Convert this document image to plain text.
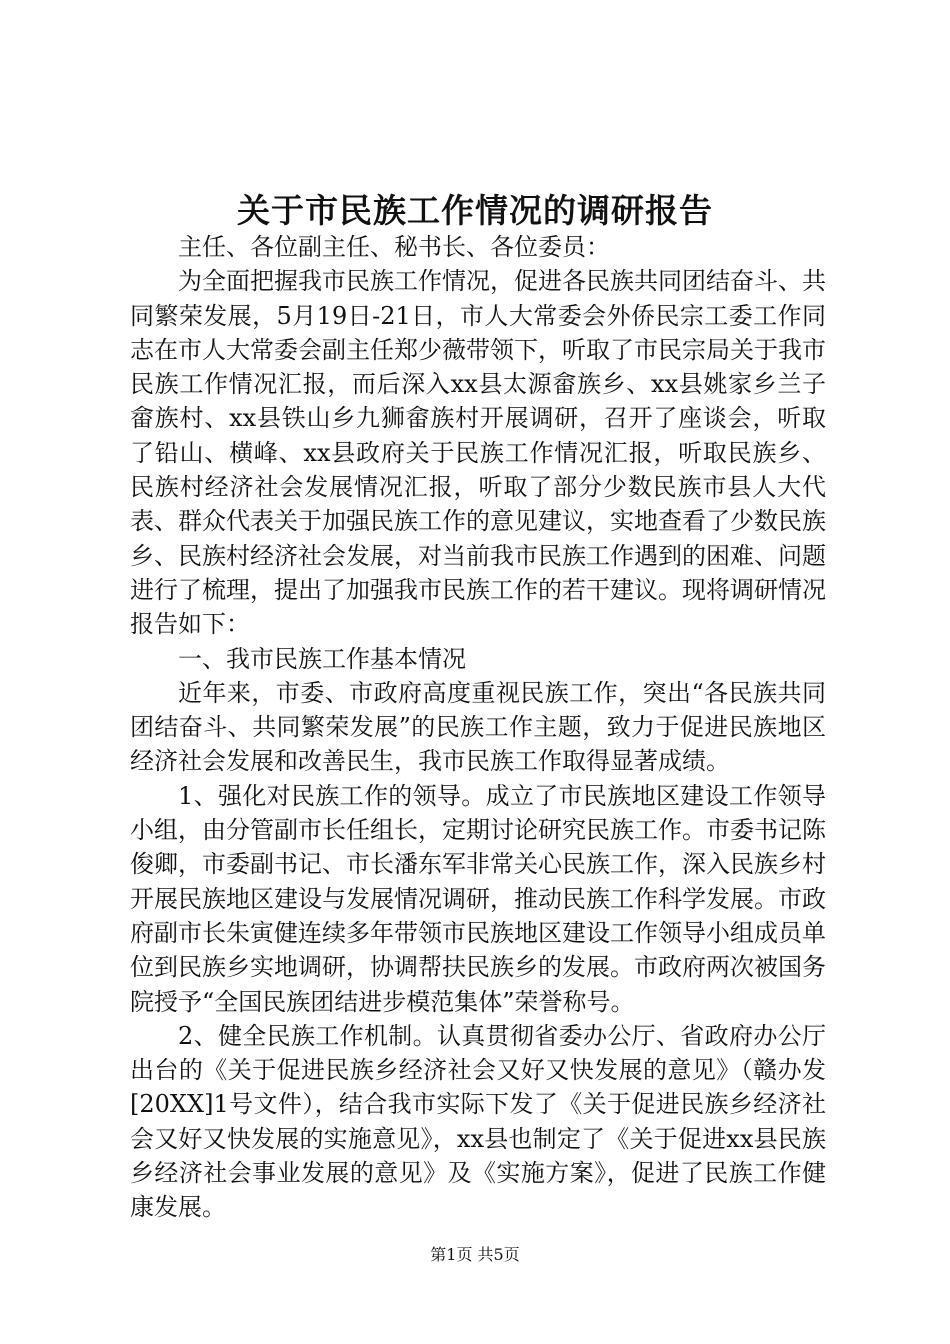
关于市民族工作情况的调研报告

主任、各位副主任、秘书长、各位委员：

为全面把握我市民族工作情况，促进各民族共同团结奋斗、共同繁荣发展，5月19日-21日，市人大常委会外侨民宗工委工作同志在市人大常委会副主任郑少薇带领下，听取了市民宗局关于我市民族工作情况汇报，而后深入xx县太源畲族乡、xx县姚家乡兰子畲族村、xx县铁山乡九狮畲族村开展调研，召开了座谈会，听取了铅山、横峰、xx县政府关于民族工作情况汇报，听取民族乡、民族村经济社会发展情况汇报，听取了部分少数民族市县人大代表、群众代表关于加强民族工作的意见建议，实地查看了少数民族乡、民族村经济社会发展，对当前我市民族工作遇到的困难、问题进行了梳理，提出了加强我市民族工作的若干建议。现将调研情况报告如下：

一、我市民族工作基本情况

近年来，市委、市政府高度重视民族工作，突出“各民族共同团结奋斗、共同繁荣发展”的民族工作主题，致力于促进民族地区经济社会发展和改善民生，我市民族工作取得显著成绩。

1、强化对民族工作的领导。成立了市民族地区建设工作领导小组，由分管副市长任组长，定期讨论研究民族工作。市委书记陈俊卿，市委副书记、市长潘东军非常关心民族工作，深入民族乡村开展民族地区建设与发展情况调研，推动民族工作科学发展。市政府副市长朱寅健连续多年带领市民族地区建设工作领导小组成员单位到民族乡实地调研，协调帮扶民族乡的发展。市政府两次被国务院授予“全国民族团结进步模范集体”荣誉称号。

2、健全民族工作机制。认真贯彻省委办公厅、省政府办公厅出台的《关于促进民族乡经济社会又好又快发展的意见》（赣办发[20XX]1号文件），结合我市实际下发了《关于促进民族乡经济社会又好又快发展的实施意见》，xx县也制定了《关于促进xx县民族乡经济社会事业发展的意见》及《实施方案》，促进了民族工作健康发展。

第1页 共5页
